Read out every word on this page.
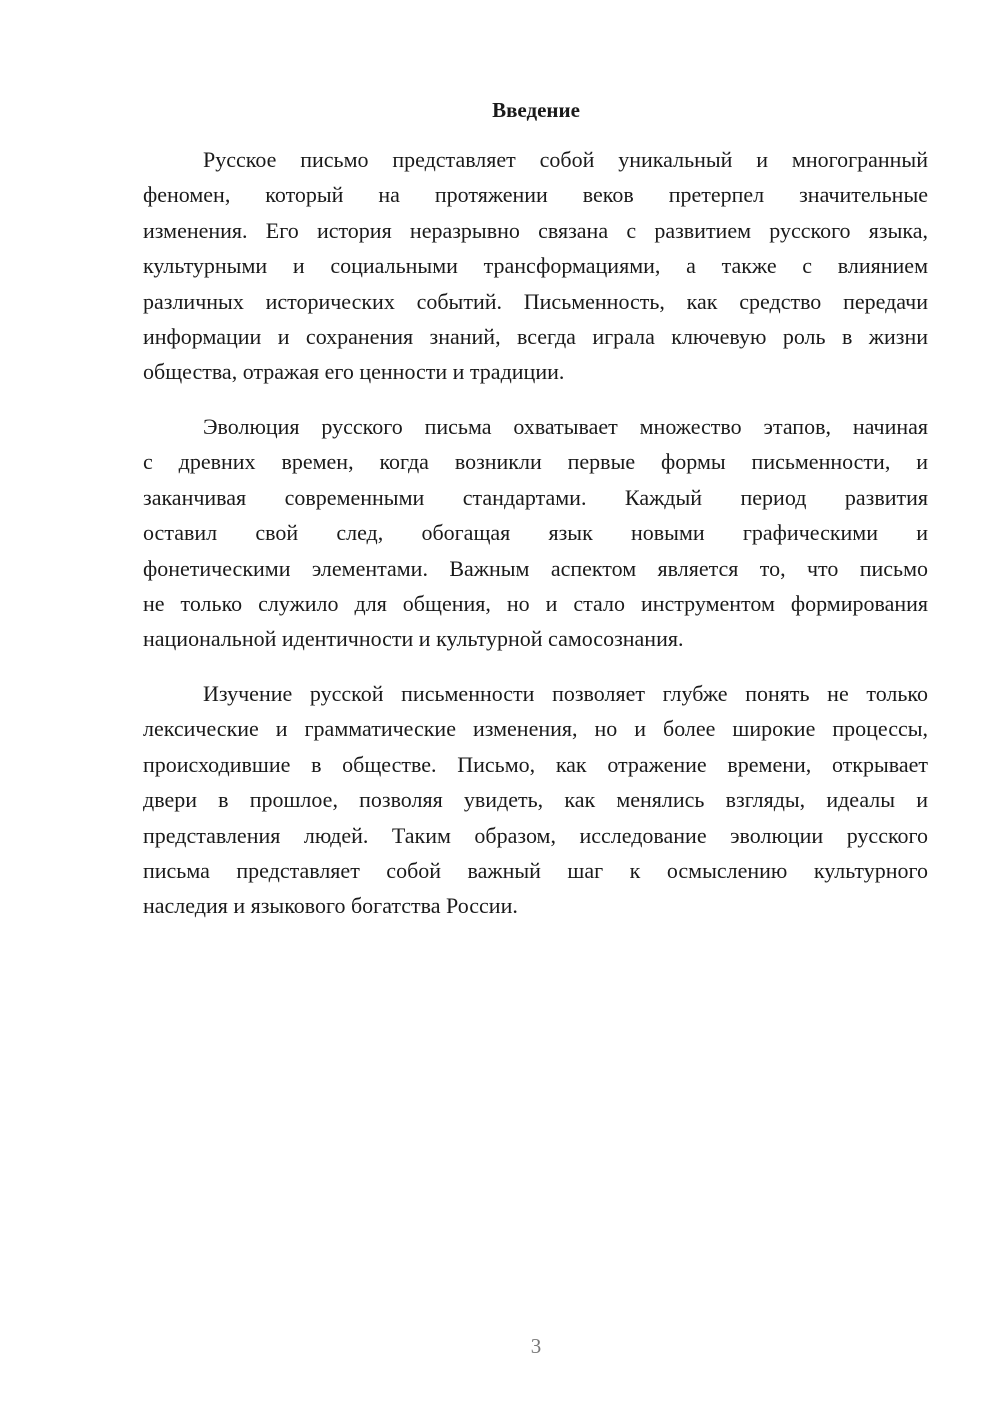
Введение
Русское письмо представляет собой уникальный и многогранный
феномен, который на протяжении веков претерпел значительные
изменения. Его история неразрывно связана с развитием русского языка,
культурными и социальными трансформациями, а также с влиянием
различных исторических событий. Письменность, как средство передачи
информации и сохранения знаний, всегда играла ключевую роль в жизни
общества, отражая его ценности и традиции.
Эволюция русского письма охватывает множество этапов, начиная
с древних времен, когда возникли первые формы письменности, и
заканчивая современными стандартами. Каждый период развития
оставил свой след, обогащая язык новыми графическими и
фонетическими элементами. Важным аспектом является то, что письмо
не только служило для общения, но и стало инструментом формирования
национальной идентичности и культурной самосознания.
Изучение русской письменности позволяет глубже понять не только
лексические и грамматические изменения, но и более широкие процессы,
происходившие в обществе. Письмо, как отражение времени, открывает
двери в прошлое, позволяя увидеть, как менялись взгляды, идеалы и
представления людей. Таким образом, исследование эволюции русского
письма представляет собой важный шаг к осмыслению культурного
наследия и языкового богатства России.
3
